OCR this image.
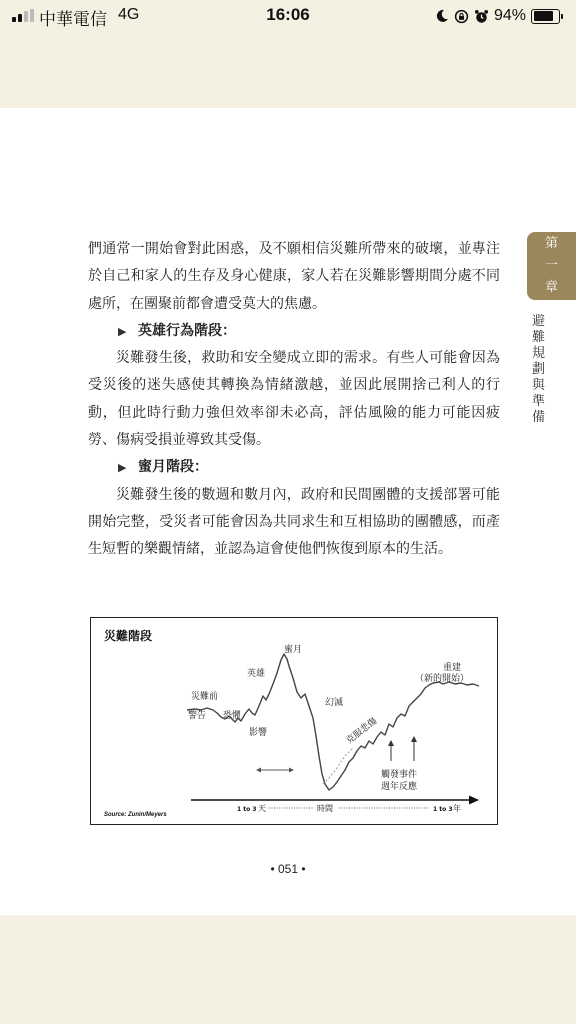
中華電信 4G	16:06	94%
第
一
章
避難規劃與準備

們通常一開始會對此困惑，及不願相信災難所帶來的破壞，並專注於自己和家人的生存及身心健康，家人若在災難影響期間分處不同處所，在團聚前都會遭受莫大的焦慮。

▶ 英雄行為階段：

災難發生後，救助和安全變成立即的需求。有些人可能會因為受災後的迷失感使其轉換為情緒激越，並因此展開捨己利人的行動，但此時行動力強但效率卻未必高，評估風險的能力可能因疲勞、傷病受損並導致其受傷。

▶ 蜜月階段：

災難發生後的數週和數月內，政府和民間團體的支援部署可能開始完整，受災者可能會因為共同求生和互相協助的團體感，而產生短暫的樂觀情緒，並認為這會使他們恢復到原本的生活。

災難階段
蜜月
英雄
災難前
警告 恐懼
影響
幻滅
克服悲傷
重建
（新的開始）
觸發事件
週年反應
1 to 3 天	時間	1 to 3 年
Source: Zunin/Meyers
• 051 •
